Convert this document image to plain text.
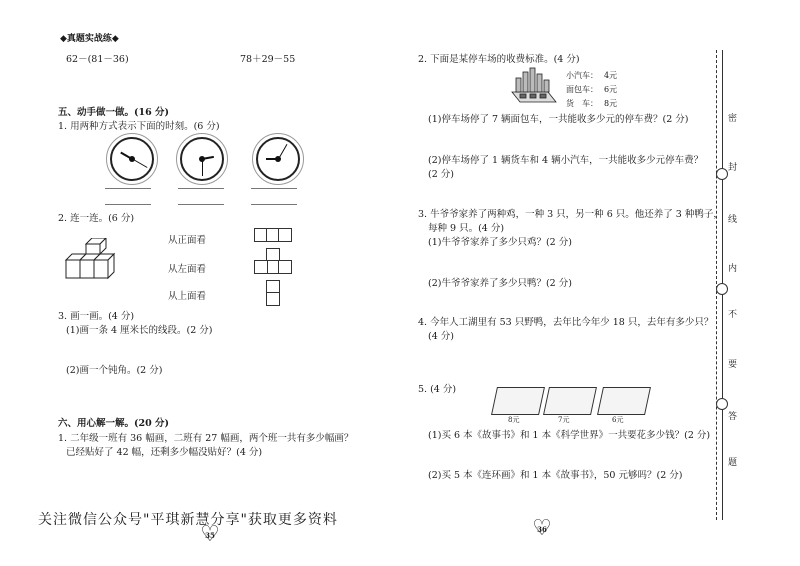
◆真题实战练◆
62－(81－36)	78＋29－55
五、动手做一做。(16 分)
1. 用两种方式表示下面的时刻。(6 分)
2. 连一连。(6 分)
从正面看
从左面看
从上面看
3. 画一画。(4 分)
(1)画一条 4 厘米长的线段。(2 分)
(2)画一个钝角。(2 分)
六、用心解一解。(20 分)
1. 二年级一班有 36 幅画，二班有 27 幅画，两个班一共有多少幅画？
已经贴好了 42 幅，还剩多少幅没贴好？(4 分)
关注微信公众号"平琪新慧分享"获取更多资料
♡ 35
2. 下面是某停车场的收费标准。(4 分)
小汽车： 4元
面包车： 6元
货　车： 8元
(1)停车场停了 7 辆面包车，一共能收多少元的停车费？(2 分)
(2)停车场停了 1 辆货车和 4 辆小汽车，一共能收多少元停车费？
(2 分)
3. 牛爷爷家养了两种鸡，一种 3 只，另一种 6 只。他还养了 3 种鸭子，
每种 9 只。(4 分)
(1)牛爷爷家养了多少只鸡？(2 分)
(2)牛爷爷家养了多少只鸭？(2 分)
4. 今年人工湖里有 53 只野鸭，去年比今年少 18 只，去年有多少只？
(4 分)
5. (4 分)
8元	7元	6元
(1)买 6 本《故事书》和 1 本《科学世界》一共要花多少钱？(2 分)
(2)买 5 本《连环画》和 1 本《故事书》，50 元够吗？(2 分)
♡ 36
密
封
线
内
不
要
答
题
